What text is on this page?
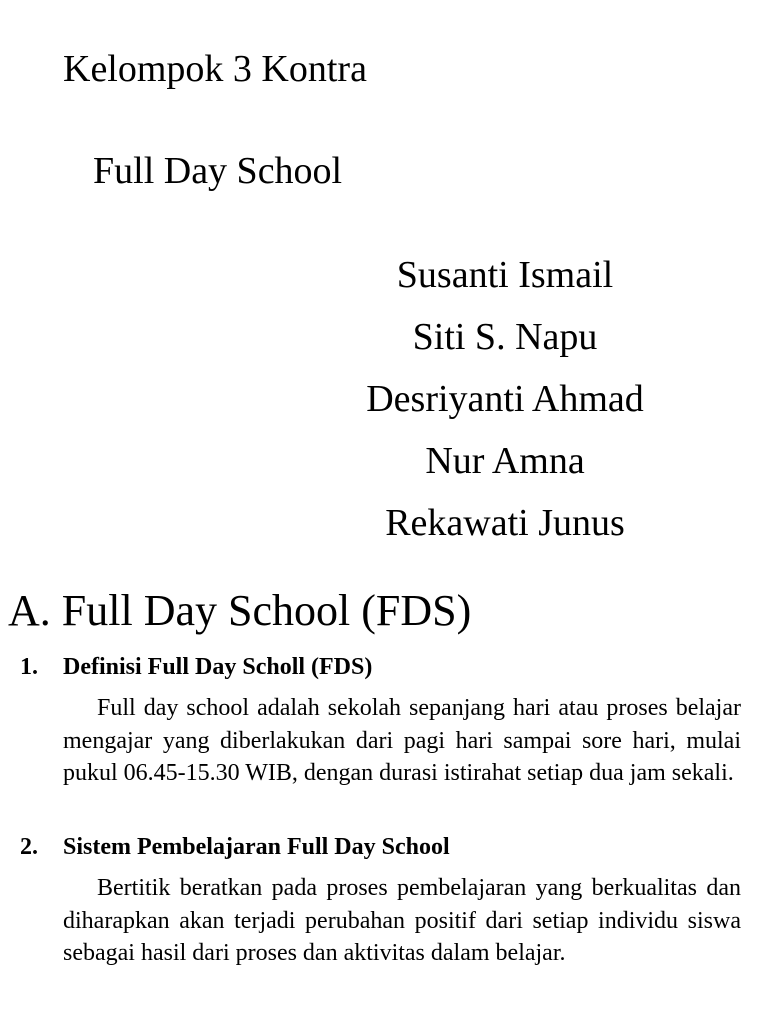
Kelompok 3 Kontra
Full Day School
Susanti Ismail
Siti S. Napu
Desriyanti Ahmad
Nur Amna
Rekawati Junus
A. Full Day School (FDS)
1. Definisi Full Day Scholl (FDS)

Full day school adalah sekolah sepanjang hari atau proses belajar mengajar yang diberlakukan dari pagi hari sampai sore hari, mulai pukul 06.45-15.30 WIB, dengan durasi istirahat setiap dua jam sekali.

2. Sistem Pembelajaran Full Day School

Bertitik beratkan pada proses pembelajaran yang berkualitas dan diharapkan akan terjadi perubahan positif dari setiap individu siswa sebagai hasil dari proses dan aktivitas dalam belajar.
